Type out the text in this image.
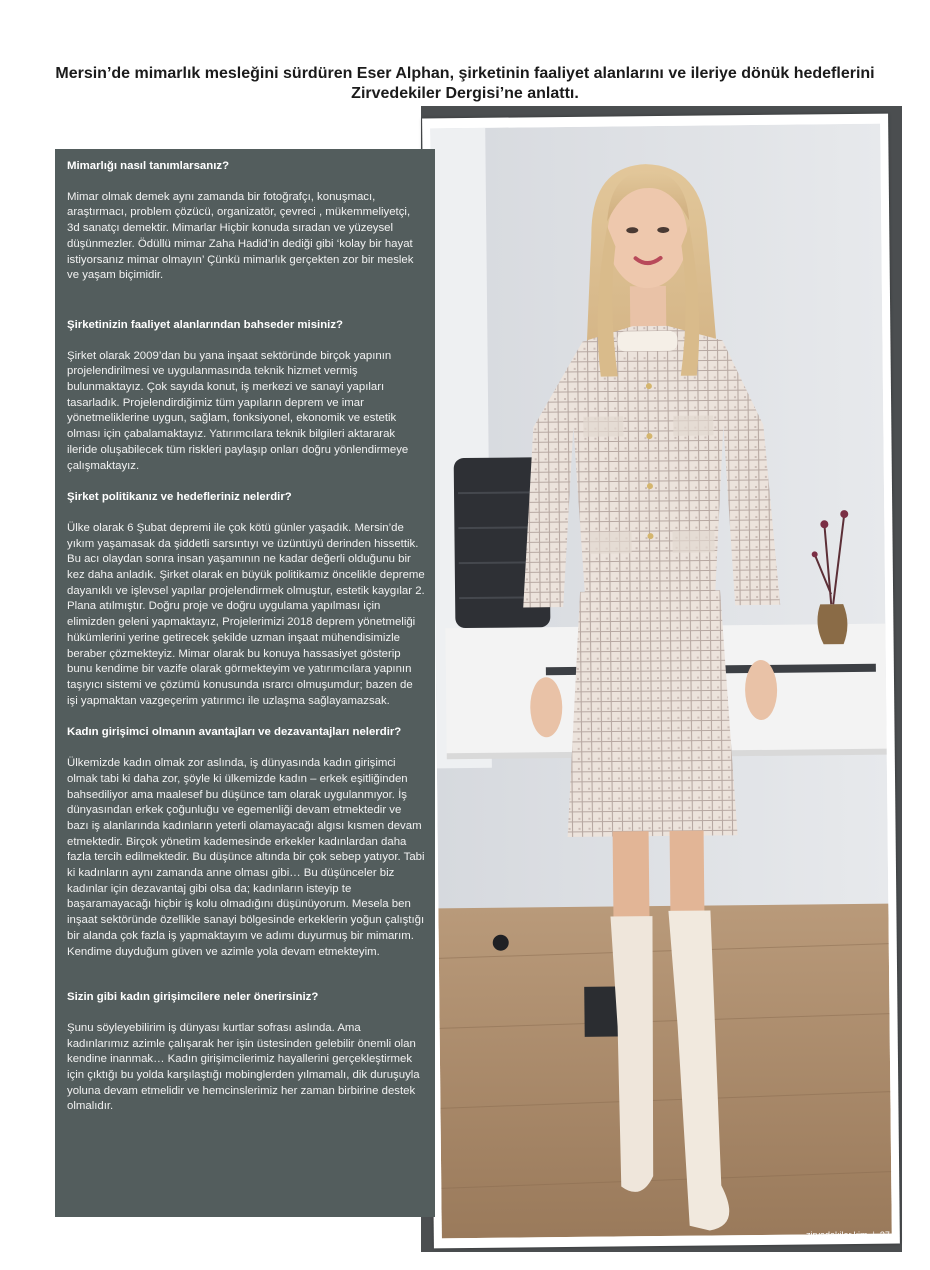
Mersin’de mimarlık mesleğini sürdüren Eser Alphan, şirketinin faaliyet alanlarını ve ileriye dönük hedeflerini Zirvedekiler Dergisi’ne anlattı.

Mimarlığı nasıl tanımlarsanız?

Mimar olmak demek aynı zamanda bir fotoğrafçı, konuşmacı, araştırmacı, problem çözücü, organizatör, çevreci , mükemmeliyetçi, 3d sanatçı demektir. Mimarlar Hiçbir konuda sıradan ve yüzeysel düşünmezler. Ödüllü mimar Zaha Hadid’in dediği gibi ‘kolay bir hayat istiyorsanız mimar olmayın’ Çünkü mimarlık gerçekten zor bir meslek ve yaşam biçimidir.

Şirketinizin faaliyet alanlarından bahseder misiniz?

Şirket olarak 2009’dan bu yana inşaat sektöründe birçok yapının projelendirilmesi ve uygulanmasında teknik hizmet vermiş bulunmaktayız. Çok sayıda konut, iş merkezi ve sanayi yapıları tasarladık. Projelendirdiğimiz tüm yapıların deprem ve imar yönetmeliklerine uygun, sağlam, fonksiyonel, ekonomik ve estetik olması için çabalamaktayız. Yatırımcılara teknik bilgileri aktararak ileride oluşabilecek tüm riskleri paylaşıp onları doğru yönlendirmeye çalışmaktayız.

Şirket politikanız ve hedefleriniz nelerdir?

Ülke olarak 6 Şubat depremi ile çok kötü günler yaşadık. Mersin’de yıkım yaşamasak da şiddetli sarsıntıyı ve üzüntüyü derinden hissettik. Bu acı olaydan sonra insan yaşamının ne kadar değerli olduğunu bir kez daha anladık. Şirket olarak en büyük politikamız öncelikle depreme dayanıklı ve işlevsel yapılar projelendirmek olmuştur, estetik kaygılar 2. Plana atılmıştır. Doğru proje ve doğru uygulama yapılması için elimizden geleni yapmaktayız, Projelerimizi 2018 deprem yönetmeliği hükümlerini yerine getirecek şekilde uzman inşaat mühendisimizle beraber çözmekteyiz. Mimar olarak bu konuya hassasiyet gösterip bunu kendime bir vazife olarak görmekteyim ve yatırımcılara yapının taşıyıcı sistemi ve çözümü konusunda ısrarcı olmuşumdur; bazen de işi yapmaktan vazgeçerim yatırımcı ile uzlaşma sağlayamazsak.

Kadın girişimci olmanın avantajları ve dezavantajları nelerdir?

Ülkemizde kadın olmak zor aslında, iş dünyasında kadın girişimci olmak tabi ki daha zor, şöyle ki ülkemizde kadın – erkek eşitliğinden bahsediliyor ama maalesef bu düşünce tam olarak uygulanmıyor. İş dünyasından erkek çoğunluğu ve egemenliği devam etmektedir ve bazı iş alanlarında kadınların yeterli olamayacağı algısı kısmen devam etmektedir. Birçok yönetim kademesinde erkekler kadınlardan daha fazla tercih edilmektedir. Bu düşünce altında bir çok sebep yatıyor. Tabi ki kadınların aynı zamanda anne olması gibi… Bu düşünceler biz kadınlar için dezavantaj gibi olsa da; kadınların isteyip te başaramayacağı hiçbir iş kolu olmadığını düşünüyorum. Mesela ben inşaat sektöründe özellikle sanayi bölgesinde erkeklerin yoğun çalıştığı bir alanda çok fazla iş yapmaktayım ve adımı duyurmuş bir mimarım. Kendime duyduğum güven ve azimle yola devam etmekteyim.

Sizin gibi kadın girişimcilere neler önerirsiniz?

Şunu söyleyebilirim iş dünyası kurtlar sofrası aslında. Ama kadınlarımız azimle çalışarak her işin üstesinden gelebilir önemli olan kendine inanmak… Kadın girişimcilerimiz hayallerini gerçekleştirmek için çıktığı bu yolda karşılaştığı mobinglerden yılmamalı, dik duruşuyla yoluna devam etmelidir ve hemcinslerimiz her zaman birbirine destek olmalıdır.

zirvedekiler.kim | 37
